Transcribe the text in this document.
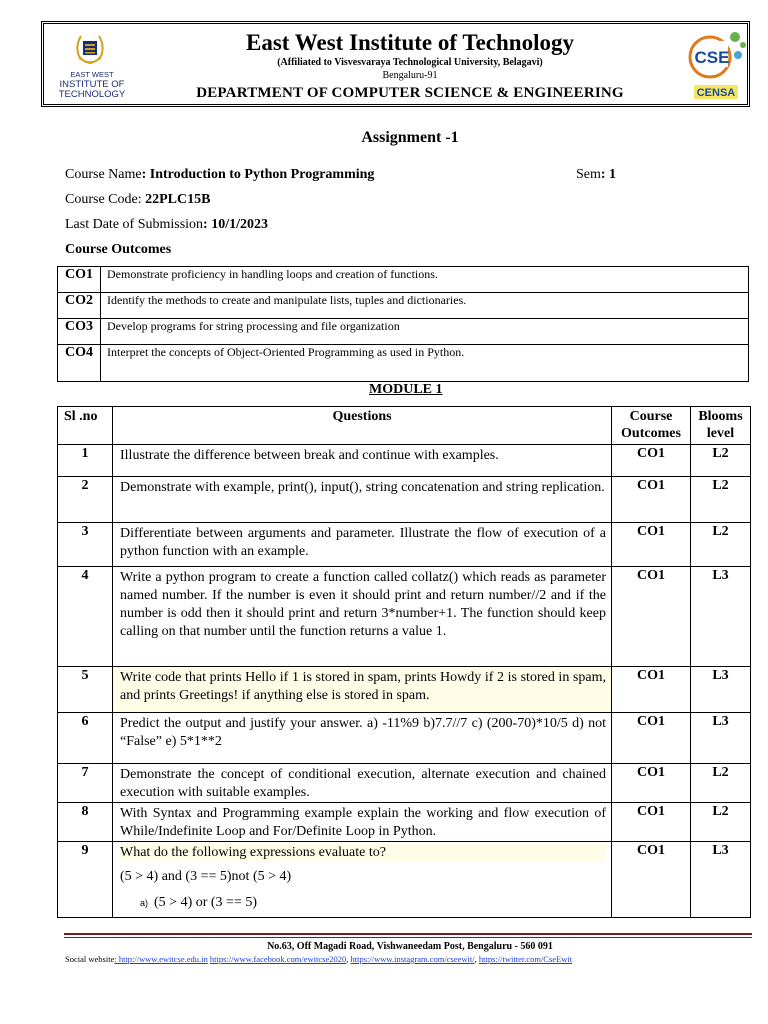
EAST WEST
INSTITUTE OF
TECHNOLOGY
CSE
CENSA
East West Institute of Technology
(Affiliated to Visvesvaraya Technological University, Belagavi)
Bengaluru-91
DEPARTMENT OF COMPUTER SCIENCE & ENGINEERING
Assignment -1
Course Name: Introduction to Python Programming	Sem: 1
Course Code: 22PLC15B
Last Date of Submission: 10/1/2023
Course Outcomes
CO1	Demonstrate proficiency in handling loops and creation of functions.
CO2	Identify the methods to create and manipulate lists, tuples and dictionaries.
CO3	Develop programs for string processing and file organization
CO4	Interpret the concepts of Object-Oriented Programming as used in Python.
MODULE 1
Sl .no	Questions	Course Outcomes	Blooms level
1	Illustrate the difference between break and continue with examples.	CO1	L2
2	Demonstrate with example, print(), input(), string concatenation and string replication.	CO1	L2
3	Differentiate between arguments and parameter. Illustrate the flow of execution of a python function with an example.	CO1	L2
4	Write a python program to create a function called collatz() which reads as parameter named number. If the number is even it should print and return number//2 and if the number is odd then it should print and return 3*number+1. The function should keep calling on that number until the function returns a value 1.	CO1	L3
5	Write code that prints Hello if 1 is stored in spam, prints Howdy if 2 is stored in spam, and prints Greetings! if anything else is stored in spam.	CO1	L3
6	Predict the output and justify your answer. a) -11%9 b)7.7//7 c) (200-70)*10/5 d) not “False” e) 5*1**2	CO1	L3
7	Demonstrate the concept of conditional execution, alternate execution and chained execution with suitable examples.	CO1	L2
8	With Syntax and Programming example explain the working and flow execution of While/Indefinite Loop and For/Definite Loop in Python.	CO1	L2
9	What do the following expressions evaluate to?
(5 > 4) and (3 == 5)not (5 > 4)
a) (5 > 4) or (3 == 5)	CO1	L3
No.63, Off Magadi Road, Vishwaneedam Post, Bengaluru - 560 091
Social website: http://www.ewitcse.edu.in https://www.facebook.com/ewitcse2020, https://www.instagram.com/cseewit/, https://twitter.com/CseEwit
